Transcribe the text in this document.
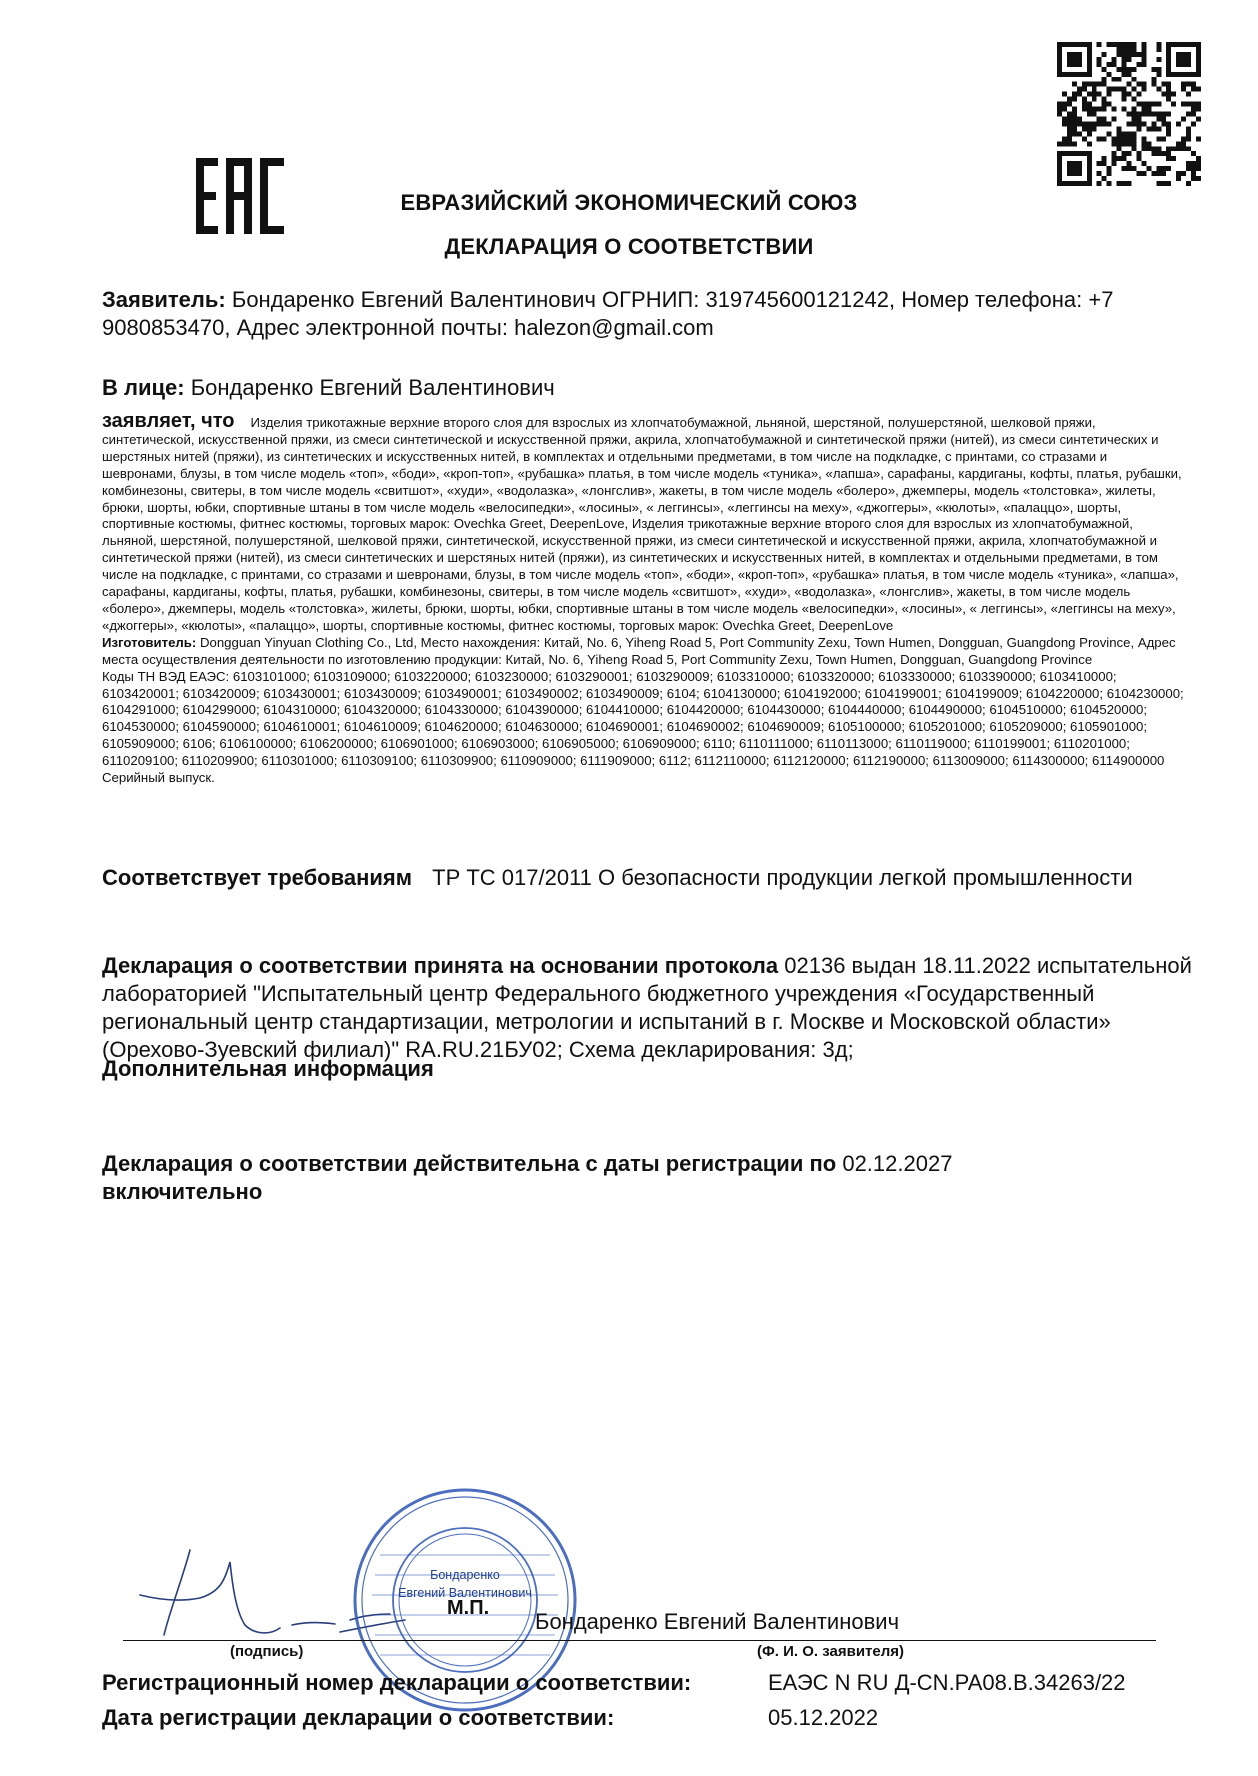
ЕВРАЗИЙСКИЙ ЭКОНОМИЧЕСКИЙ СОЮЗ
ДЕКЛАРАЦИЯ О СООТВЕТСТВИИ
Заявитель: Бондаренко Евгений Валентинович ОГРНИП: 319745600121242, Номер телефона: +7 9080853470, Адрес электронной почты: halezon@gmail.com
В лице: Бондаренко Евгений Валентинович
заявляет, что Изделия трикотажные верхние второго слоя для взрослых из хлопчатобумажной, льняной, шерстяной, полушерстяной, шелковой пряжи, синтетической, искусственной пряжи, из смеси синтетической и искусственной пряжи, акрила, хлопчатобумажной и синтетической пряжи (нитей), из смеси синтетических и шерстяных нитей (пряжи), из синтетических и искусственных нитей, в комплектах и отдельными предметами, в том числе на подкладке, с принтами, со стразами и шевронами, блузы, в том числе модель «топ», «боди», «кроп-топ», «рубашка» платья, в том числе модель «туника», «лапша», сарафаны, кардиганы, кофты, платья, рубашки, комбинезоны, свитеры, в том числе модель «свитшот», «худи», «водолазка», «лонгслив», жакеты, в том числе модель «болеро», джемперы, модель «толстовка», жилеты, брюки, шорты, юбки, спортивные штаны в том числе модель «велосипедки», «лосины», « леггинсы», «леггинсы на меху», «джоггеры», «кюлоты», «палаццо», шорты, спортивные костюмы, фитнес костюмы, торговых марок: Ovechka Greet, DeepenLove, Изделия трикотажные верхние второго слоя для взрослых из хлопчатобумажной, льняной, шерстяной, полушерстяной, шелковой пряжи, синтетической, искусственной пряжи, из смеси синтетической и искусственной пряжи, акрила, хлопчатобумажной и синтетической пряжи (нитей), из смеси синтетических и шерстяных нитей (пряжи), из синтетических и искусственных нитей, в комплектах и отдельными предметами, в том числе на подкладке, с принтами, со стразами и шевронами, блузы, в том числе модель «топ», «боди», «кроп-топ», «рубашка» платья, в том числе модель «туника», «лапша», сарафаны, кардиганы, кофты, платья, рубашки, комбинезоны, свитеры, в том числе модель «свитшот», «худи», «водолазка», «лонгслив», жакеты, в том числе модель «болеро», джемперы, модель «толстовка», жилеты, брюки, шорты, юбки, спортивные штаны в том числе модель «велосипедки», «лосины», « леггинсы», «леггинсы на меху», «джоггеры», «кюлоты», «палаццо», шорты, спортивные костюмы, фитнес костюмы, торговых марок: Ovechka Greet, DeepenLove
Изготовитель: Dongguan Yinyuan Clothing Co., Ltd, Место нахождения: Китай, No. 6, Yiheng Road 5, Port Community Zexu, Town Humen, Dongguan, Guangdong Province, Адрес места осуществления деятельности по изготовлению продукции: Китай, No. 6, Yiheng Road 5, Port Community Zexu, Town Humen, Dongguan, Guangdong Province
Коды ТН ВЭД ЕАЭС: 6103101000; 6103109000; 6103220000; 6103230000; 6103290001; 6103290009; 6103310000; 6103320000; 6103330000; 6103390000; 6103410000; 6103420001; 6103420009; 6103430001; 6103430009; 6103490001; 6103490002; 6103490009; 6104; 6104130000; 6104192000; 6104199001; 6104199009; 6104220000; 6104230000; 6104291000; 6104299000; 6104310000; 6104320000; 6104330000; 6104390000; 6104410000; 6104420000; 6104430000; 6104440000; 6104490000; 6104510000; 6104520000; 6104530000; 6104590000; 6104610001; 6104610009; 6104620000; 6104630000; 6104690001; 6104690002; 6104690009; 6105100000; 6105201000; 6105209000; 6105901000; 6105909000; 6106; 6106100000; 6106200000; 6106901000; 6106903000; 6106905000; 6106909000; 6110; 6110111000; 6110113000; 6110119000; 6110199001; 6110201000; 6110209100; 6110209900; 6110301000; 6110309100; 6110309900; 6110909000; 6111909000; 6112; 6112110000; 6112120000; 6112190000; 6113009000; 6114300000; 6114900000
Серийный выпуск.
Соответствует требованиям ТР ТС 017/2011 О безопасности продукции легкой промышленности
Декларация о соответствии принята на основании протокола 02136 выдан 18.11.2022 испытательной лабораторией "Испытательный центр Федерального бюджетного учреждения «Государственный региональный центр стандартизации, метрологии и испытаний в г. Москве и Московской области» (Орехово-Зуевский филиал)" RA.RU.21БУ02; Схема декларирования: 3д;
Дополнительная информация
Декларация о соответствии действительна с даты регистрации по 02.12.2027
включительно
Бондаренко
Евгений Валентинович
М.П.
Бондаренко Евгений Валентинович
(подпись)	(Ф. И. О. заявителя)
Регистрационный номер декларации о соответствии:	ЕАЭС N RU Д-CN.PA08.B.34263/22
Дата регистрации декларации о соответствии:	05.12.2022
